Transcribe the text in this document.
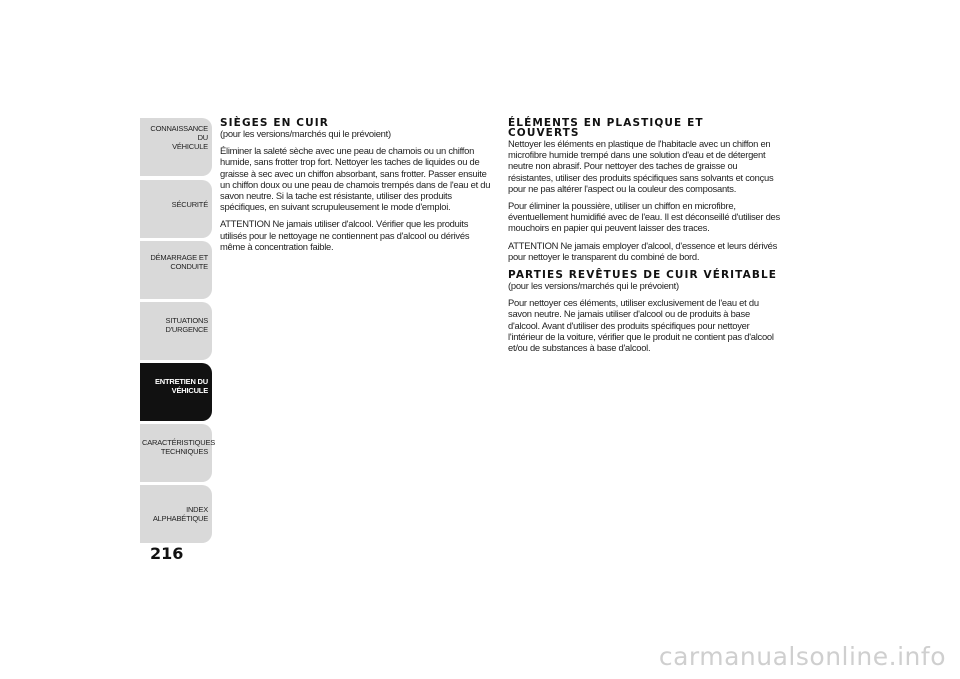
CONNAISSANCE DU
VÉHICULE
SÉCURITÉ
DÉMARRAGE ET
CONDUITE
SITUATIONS
D'URGENCE
ENTRETIEN DU
VÉHICULE
CARACTÉRISTIQUES
TECHNIQUES
INDEX
ALPHABÉTIQUE
216
SIÈGES EN CUIR

(pour les versions/marchés qui le prévoient)

Éliminer la saleté sèche avec une peau de chamois ou un chiffon humide, sans frotter trop fort. Nettoyer les taches de liquides ou de graisse à sec avec un chiffon absorbant, sans frotter. Passer ensuite un chiffon doux ou une peau de chamois trempés dans de l'eau et du savon neutre. Si la tache est résistante, utiliser des produits spécifiques, en suivant scrupuleusement le mode d'emploi.

ATTENTION Ne jamais utiliser d'alcool. Vérifier que les produits utilisés pour le nettoyage ne contiennent pas d'alcool ou dérivés même à concentration faible.

ÉLÉMENTS EN PLASTIQUE ET
COUVERTS

Nettoyer les éléments en plastique de l'habitacle avec un chiffon en microfibre humide trempé dans une solution d'eau et de détergent neutre non abrasif. Pour nettoyer des taches de graisse ou résistantes, utiliser des produits spécifiques sans solvants et conçus pour ne pas altérer l'aspect ou la couleur des composants.

Pour éliminer la poussière, utiliser un chiffon en microfibre, éventuellement humidifié avec de l'eau. Il est déconseillé d'utiliser des mouchoirs en papier qui peuvent laisser des traces.

ATTENTION Ne jamais employer d'alcool, d'essence et leurs dérivés pour nettoyer le transparent du combiné de bord.

PARTIES REVÊTUES DE CUIR VÉRITABLE

(pour les versions/marchés qui le prévoient)

Pour nettoyer ces éléments, utiliser exclusivement de l'eau et du savon neutre. Ne jamais utiliser d'alcool ou de produits à base d'alcool. Avant d'utiliser des produits spécifiques pour nettoyer l'intérieur de la voiture, vérifier que le produit ne contient pas d'alcool et/ou de substances à base d'alcool.

carmanualsonline.info
